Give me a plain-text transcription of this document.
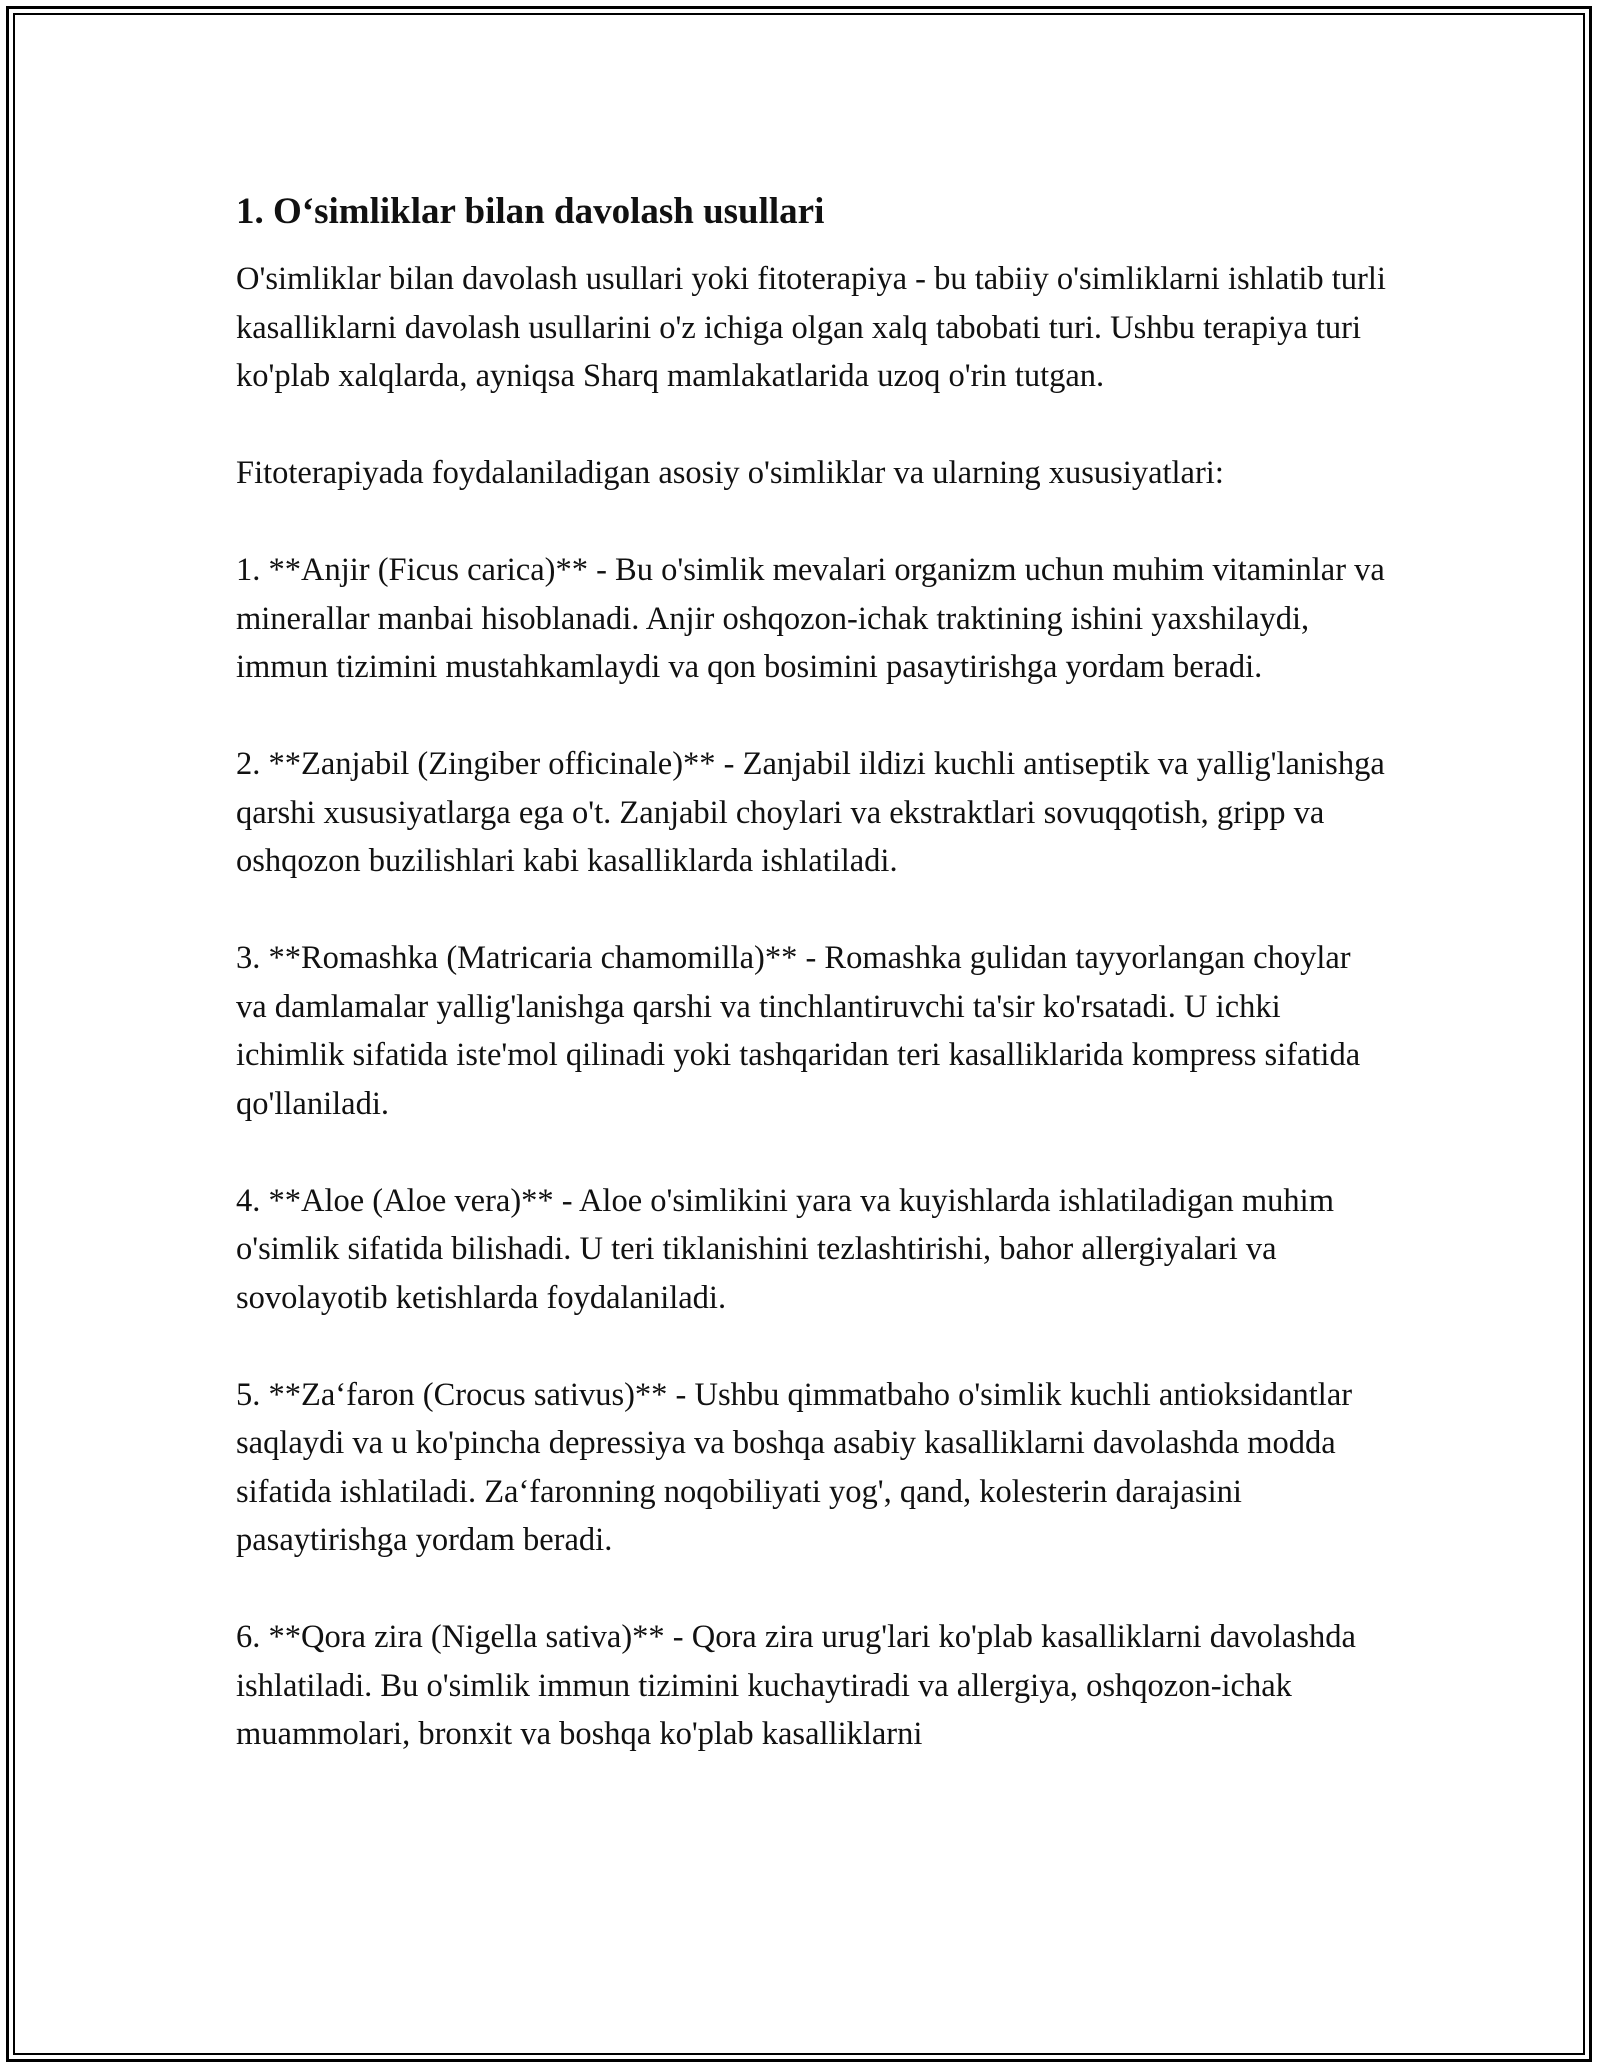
1. O‘simliklar bilan davolash usullari

O'simliklar bilan davolash usullari yoki fitoterapiya - bu tabiiy o'simliklarni ishlatib turli kasalliklarni davolash usullarini o'z ichiga olgan xalq tabobati turi. Ushbu terapiya turi ko'plab xalqlarda, ayniqsa Sharq mamlakatlarida uzoq o'rin tutgan.

Fitoterapiyada foydalaniladigan asosiy o'simliklar va ularning xususiyatlari:

1. **Anjir (Ficus carica)** - Bu o'simlik mevalari organizm uchun muhim vitaminlar va minerallar manbai hisoblanadi. Anjir oshqozon-ichak traktining ishini yaxshilaydi, immun tizimini mustahkamlaydi va qon bosimini pasaytirishga yordam beradi.

2. **Zanjabil (Zingiber officinale)** - Zanjabil ildizi kuchli antiseptik va yallig'lanishga qarshi xususiyatlarga ega o't. Zanjabil choylari va ekstraktlari sovuqqotish, gripp va oshqozon buzilishlari kabi kasalliklarda ishlatiladi.

3. **Romashka (Matricaria chamomilla)** - Romashka gulidan tayyorlangan choylar va damlamalar yallig'lanishga qarshi va tinchlantiruvchi ta'sir ko'rsatadi. U ichki ichimlik sifatida iste'mol qilinadi yoki tashqaridan teri kasalliklarida kompress sifatida qo'llaniladi.

4. **Aloe (Aloe vera)** - Aloe o'simlikini yara va kuyishlarda ishlatiladigan muhim o'simlik sifatida bilishadi. U teri tiklanishini tezlashtirishi, bahor allergiyalari va sovolayotib ketishlarda foydalaniladi.

5. **Za‘faron (Crocus sativus)** - Ushbu qimmatbaho o'simlik kuchli antioksidantlar saqlaydi va u ko'pincha depressiya va boshqa asabiy kasalliklarni davolashda modda sifatida ishlatiladi. Za‘faronning noqobiliyati yog', qand, kolesterin darajasini pasaytirishga yordam beradi.

6. **Qora zira (Nigella sativa)** - Qora zira urug'lari ko'plab kasalliklarni davolashda ishlatiladi. Bu o'simlik immun tizimini kuchaytiradi va allergiya, oshqozon-ichak muammolari, bronxit va boshqa ko'plab kasalliklarni
